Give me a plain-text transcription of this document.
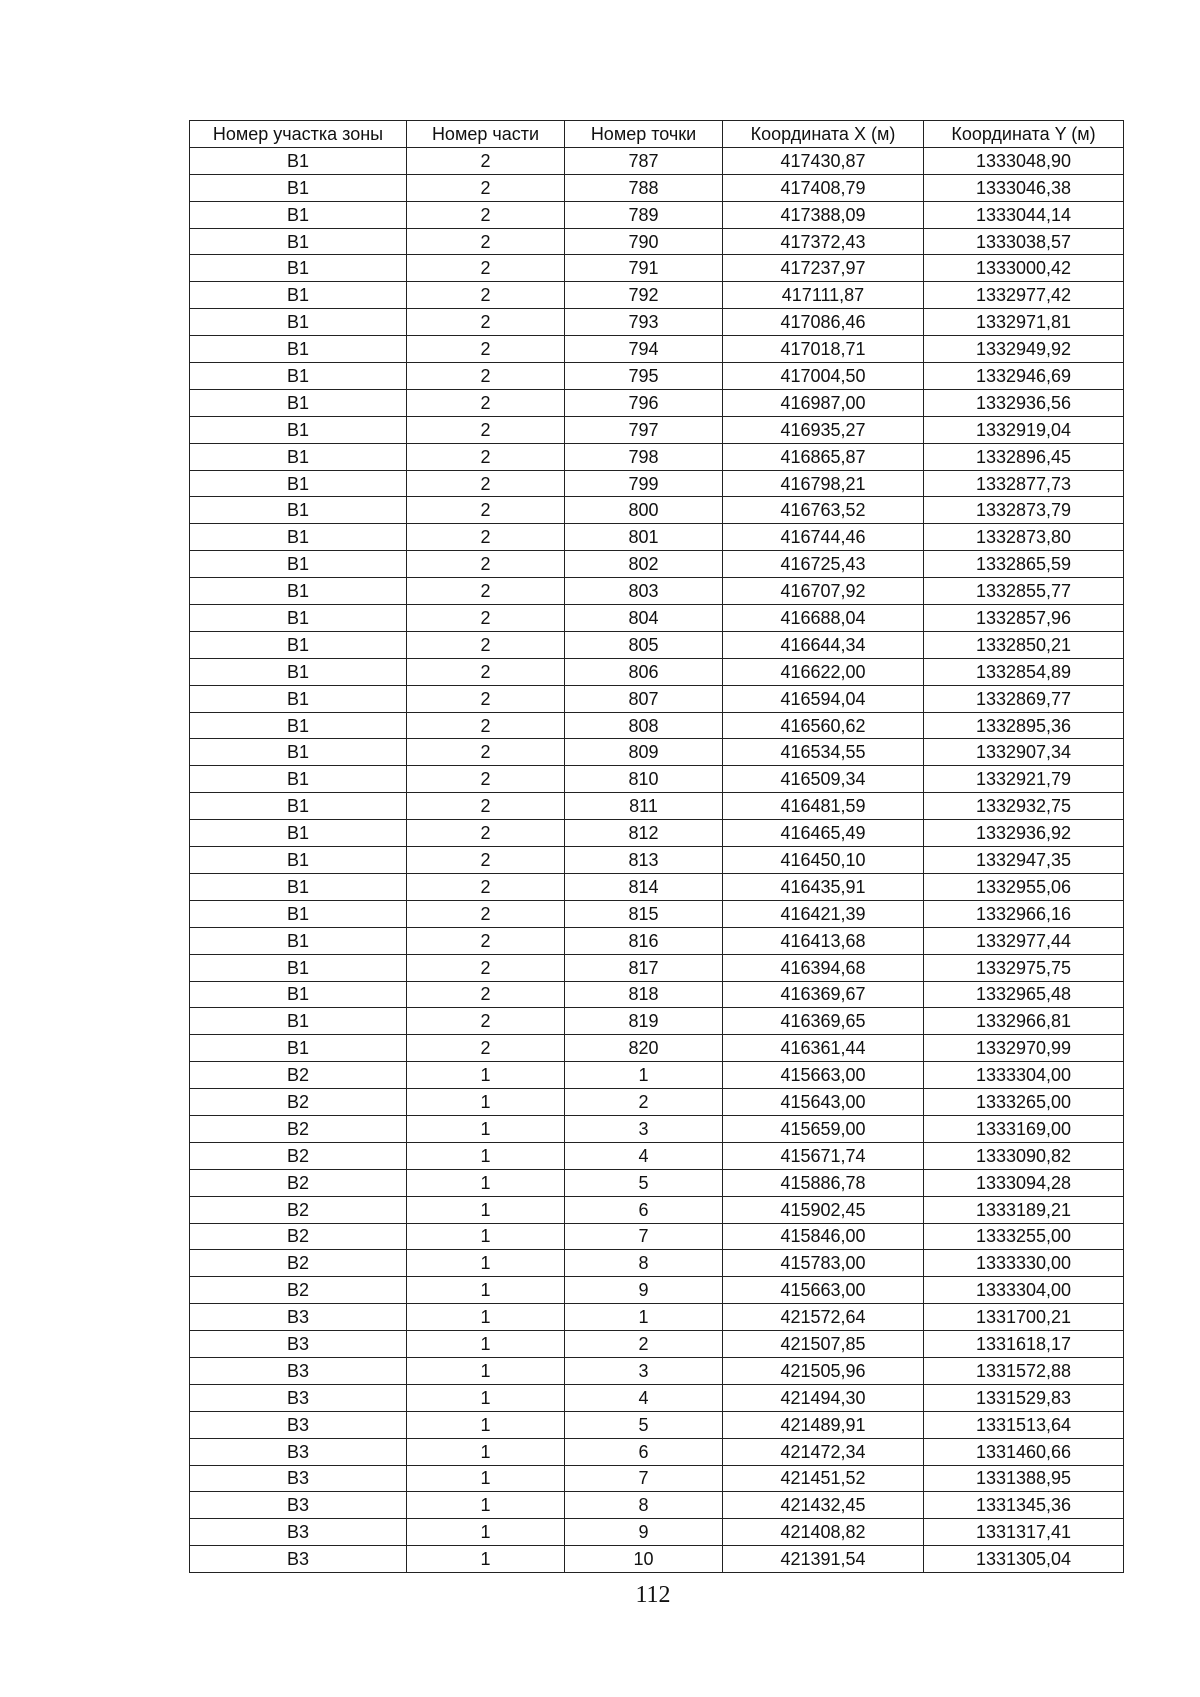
Номер участка зоны	Номер части	Номер точки	Координата X (м)	Координата Y (м)
В1	2	787	417430,87	1333048,90
В1	2	788	417408,79	1333046,38
В1	2	789	417388,09	1333044,14
В1	2	790	417372,43	1333038,57
В1	2	791	417237,97	1333000,42
В1	2	792	417111,87	1332977,42
В1	2	793	417086,46	1332971,81
В1	2	794	417018,71	1332949,92
В1	2	795	417004,50	1332946,69
В1	2	796	416987,00	1332936,56
В1	2	797	416935,27	1332919,04
В1	2	798	416865,87	1332896,45
В1	2	799	416798,21	1332877,73
В1	2	800	416763,52	1332873,79
В1	2	801	416744,46	1332873,80
В1	2	802	416725,43	1332865,59
В1	2	803	416707,92	1332855,77
В1	2	804	416688,04	1332857,96
В1	2	805	416644,34	1332850,21
В1	2	806	416622,00	1332854,89
В1	2	807	416594,04	1332869,77
В1	2	808	416560,62	1332895,36
В1	2	809	416534,55	1332907,34
В1	2	810	416509,34	1332921,79
В1	2	811	416481,59	1332932,75
В1	2	812	416465,49	1332936,92
В1	2	813	416450,10	1332947,35
В1	2	814	416435,91	1332955,06
В1	2	815	416421,39	1332966,16
В1	2	816	416413,68	1332977,44
В1	2	817	416394,68	1332975,75
В1	2	818	416369,67	1332965,48
В1	2	819	416369,65	1332966,81
В1	2	820	416361,44	1332970,99
В2	1	1	415663,00	1333304,00
В2	1	2	415643,00	1333265,00
В2	1	3	415659,00	1333169,00
В2	1	4	415671,74	1333090,82
В2	1	5	415886,78	1333094,28
В2	1	6	415902,45	1333189,21
В2	1	7	415846,00	1333255,00
В2	1	8	415783,00	1333330,00
В2	1	9	415663,00	1333304,00
В3	1	1	421572,64	1331700,21
В3	1	2	421507,85	1331618,17
В3	1	3	421505,96	1331572,88
В3	1	4	421494,30	1331529,83
В3	1	5	421489,91	1331513,64
В3	1	6	421472,34	1331460,66
В3	1	7	421451,52	1331388,95
В3	1	8	421432,45	1331345,36
В3	1	9	421408,82	1331317,41
В3	1	10	421391,54	1331305,04
112
